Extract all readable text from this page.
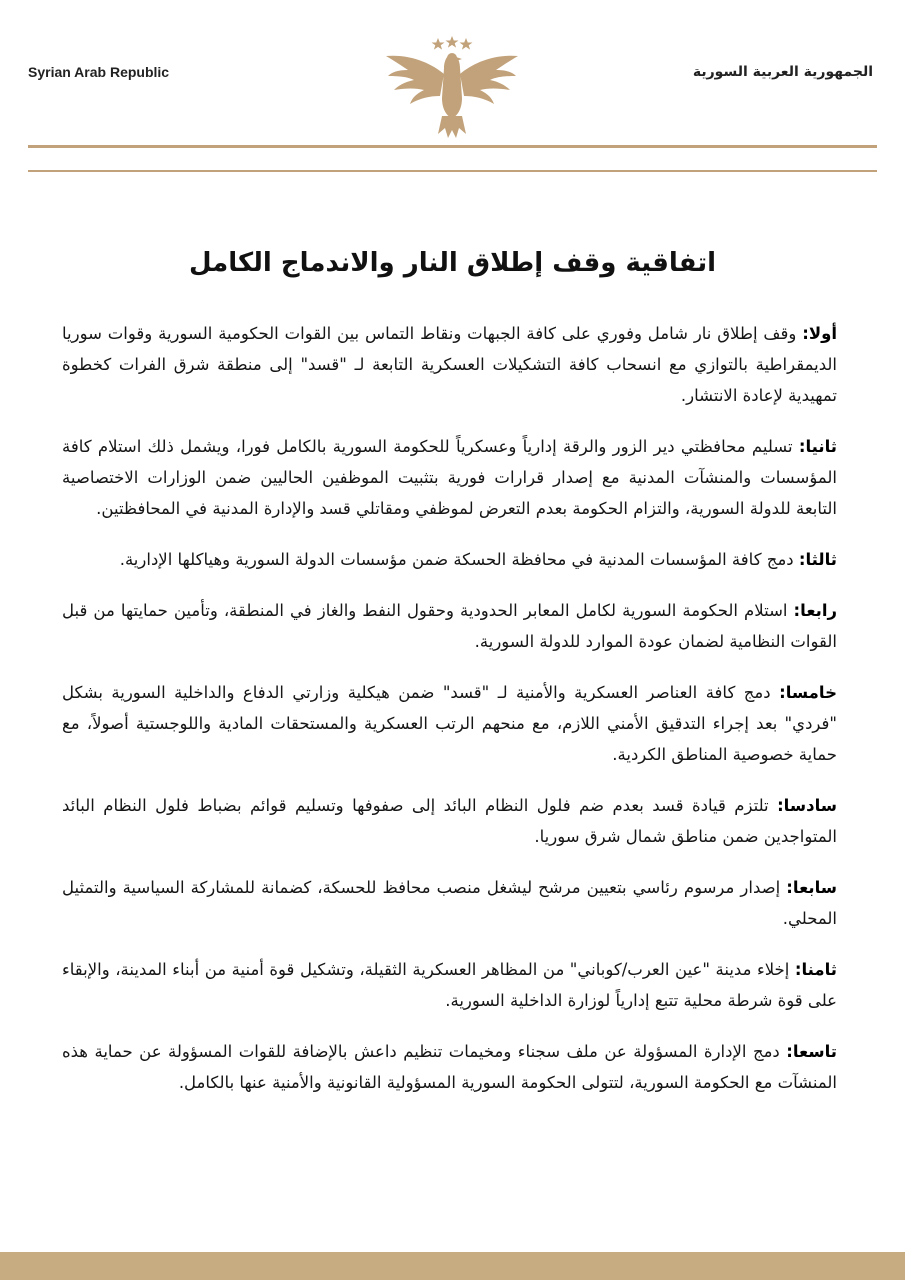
Syrian Arab Republic	الجمهورية العربية السورية
اتفاقية وقف إطلاق النار والاندماج الكامل

أولا: وقف إطلاق نار شامل وفوري على كافة الجبهات ونقاط التماس بين القوات الحكومية السورية وقوات سوريا الديمقراطية بالتوازي مع انسحاب كافة التشكيلات العسكرية التابعة لـ "قسد" إلى منطقة شرق الفرات كخطوة تمهيدية لإعادة الانتشار.

ثانيا: تسليم محافظتي دير الزور والرقة إدارياً وعسكرياً للحكومة السورية بالكامل فورا، ويشمل ذلك استلام كافة المؤسسات والمنشآت المدنية مع إصدار قرارات فورية بتثبيت الموظفين الحاليين ضمن الوزارات الاختصاصية التابعة للدولة السورية، والتزام الحكومة بعدم التعرض لموظفي ومقاتلي قسد والإدارة المدنية في المحافظتين.

ثالثا: دمج كافة المؤسسات المدنية في محافظة الحسكة ضمن مؤسسات الدولة السورية وهياكلها الإدارية.

رابعا: استلام الحكومة السورية لكامل المعابر الحدودية وحقول النفط والغاز في المنطقة، وتأمين حمايتها من قبل القوات النظامية لضمان عودة الموارد للدولة السورية.

خامسا: دمج كافة العناصر العسكرية والأمنية لـ "قسد" ضمن هيكلية وزارتي الدفاع والداخلية السورية بشكل "فردي" بعد إجراء التدقيق الأمني اللازم، مع منحهم الرتب العسكرية والمستحقات المادية واللوجستية أصولاً، مع حماية خصوصية المناطق الكردية.

سادسا: تلتزم قيادة قسد بعدم ضم فلول النظام البائد إلى صفوفها وتسليم قوائم بضباط فلول النظام البائد المتواجدين ضمن مناطق شمال شرق سوريا.

سابعا: إصدار مرسوم رئاسي بتعيين مرشح ليشغل منصب محافظ للحسكة، كضمانة للمشاركة السياسية والتمثيل المحلي.

ثامنا: إخلاء مدينة "عين العرب/كوباني" من المظاهر العسكرية الثقيلة، وتشكيل قوة أمنية من أبناء المدينة، والإبقاء على قوة شرطة محلية تتبع إدارياً لوزارة الداخلية السورية.

تاسعا: دمج الإدارة المسؤولة عن ملف سجناء ومخيمات تنظيم داعش بالإضافة للقوات المسؤولة عن حماية هذه المنشآت مع الحكومة السورية، لتتولى الحكومة السورية المسؤولية القانونية والأمنية عنها بالكامل.
